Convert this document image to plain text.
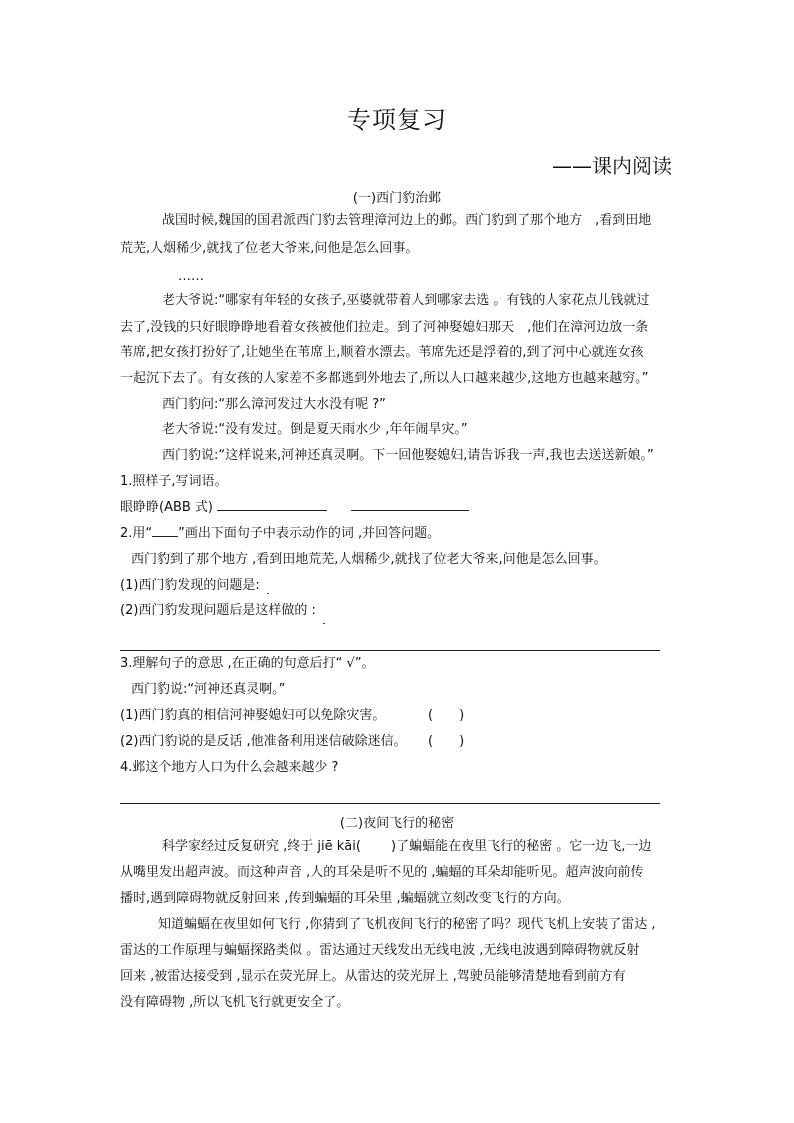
专项复习
——课内阅读
(一)西门豹治邺
战国时候,魏国的国君派西门豹去管理漳河边上的邺。西门豹到了那个地方　,看到田地
荒芜,人烟稀少,就找了位老大爷来,问他是怎么回事。
……
老大爷说:“哪家有年轻的女孩子,巫婆就带着人到哪家去选 。有钱的人家花点儿钱就过
去了,没钱的只好眼睁睁地看着女孩被他们拉走。到了河神娶媳妇那天　,他们在漳河边放一条
苇席,把女孩打扮好了,让她坐在苇席上,顺着水漂去。苇席先还是浮着的,到了河中心就连女孩
一起沉下去了。有女孩的人家差不多都逃到外地去了,所以人口越来越少,这地方也越来越穷。”
西门豹问:“那么漳河发过大水没有呢 ?”
老大爷说:“没有发过。倒是夏天雨水少 ,年年闹旱灾。”
西门豹说:“这样说来,河神还真灵啊。下一回他娶媳妇,请告诉我一声,我也去送送新娘。”
1.照样子,写词语。
眼睁睁(ABB 式)
2.用“ ”画出下面句子中表示动作的词 ,并回答问题。
西门豹到了那个地方 ,看到田地荒芜,人烟稀少,就找了位老大爷来,问他是怎么回事。
(1)西门豹发现的问题是:
(2)西门豹发现问题后是这样做的 :
3.理解句子的意思 ,在正确的句意后打“ √”。
西门豹说:“河神还真灵啊。”
(1)西门豹真的相信河神娶媳妇可以免除灾害。	(　　)
(2)西门豹说的是反话 ,他准备利用迷信破除迷信。 (　　)
4.邺这个地方人口为什么会越来越少 ?
(二)夜间飞行的秘密
科学家经过反复研究 ,终于 jiē kāi(　　 )了蝙蝠能在夜里飞行的秘密 。它一边飞,一边
从嘴里发出超声波。而这种声音 ,人的耳朵是听不见的 ,蝙蝠的耳朵却能听见。超声波向前传
播时,遇到障碍物就反射回来 ,传到蝙蝠的耳朵里 ,蝙蝠就立刻改变飞行的方向。
知道蝙蝠在夜里如何飞行 ,你猜到了飞机夜间飞行的秘密了吗？现代飞机上安装了雷达 ,
雷达的工作原理与蝙蝠探路类似 。雷达通过天线发出无线电波 ,无线电波遇到障碍物就反射
回来 ,被雷达接受到 ,显示在荧光屏上。从雷达的荧光屏上 ,驾驶员能够清楚地看到前方有
没有障碍物 ,所以飞机飞行就更安全了。
